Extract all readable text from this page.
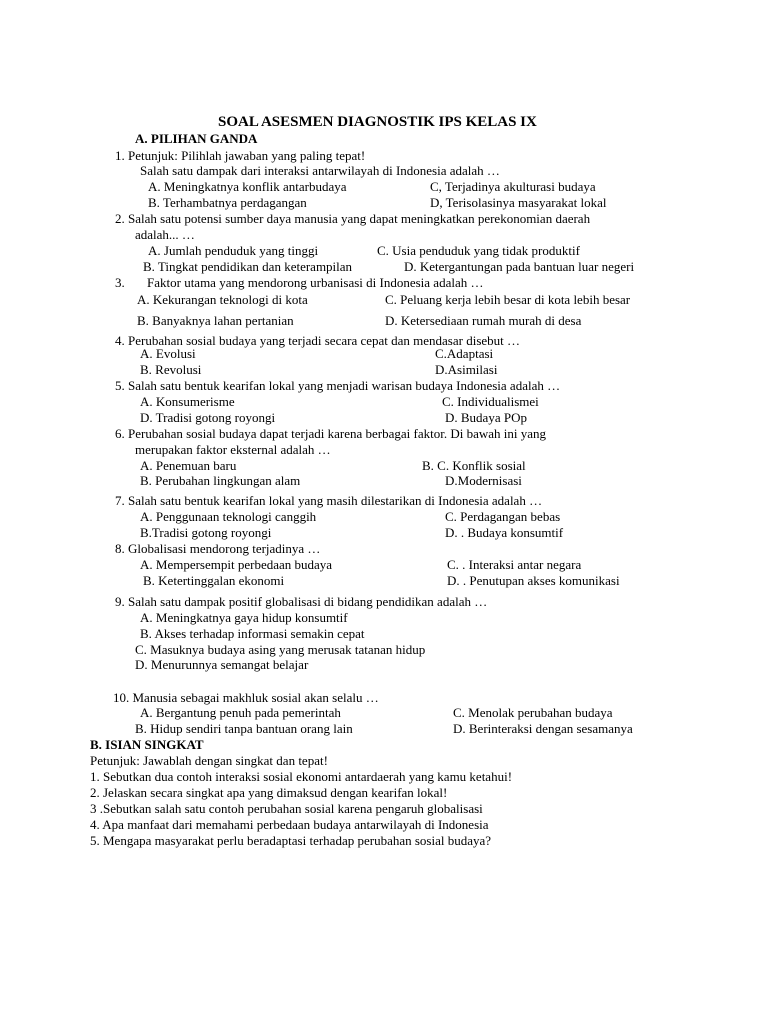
SOAL ASESMEN DIAGNOSTIK IPS KELAS IX
A. PILIHAN GANDA
1. Petunjuk: Pilihlah jawaban yang paling tepat!
Salah satu dampak dari interaksi antarwilayah di Indonesia adalah …
A. Meningkatnya konflik antarbudaya	C, Terjadinya akulturasi budaya
B. Terhambatnya perdagangan	D, Terisolasinya masyarakat lokal
2. Salah satu potensi sumber daya manusia yang dapat meningkatkan perekonomian daerah
adalah... …
A. Jumlah penduduk yang tinggi	C. Usia penduduk yang tidak produktif
B. Tingkat pendidikan dan keterampilan	D. Ketergantungan pada bantuan luar negeri
3. Faktor utama yang mendorong urbanisasi di Indonesia adalah …
A. Kekurangan teknologi di kota	C. Peluang kerja lebih besar di kota lebih besar
B. Banyaknya lahan pertanian	D. Ketersediaan rumah murah di desa
4. Perubahan sosial budaya yang terjadi secara cepat dan mendasar disebut …
A. Evolusi	C.Adaptasi
B. Revolusi	D.Asimilasi
5. Salah satu bentuk kearifan lokal yang menjadi warisan budaya Indonesia adalah …
A. Konsumerisme	C. Individualismei
D. Tradisi gotong royongi	D. Budaya POp
6. Perubahan sosial budaya dapat terjadi karena berbagai faktor. Di bawah ini yang
merupakan faktor eksternal adalah …
A. Penemuan baru	B. C. Konflik sosial
B. Perubahan lingkungan alam	D.Modernisasi
7. Salah satu bentuk kearifan lokal yang masih dilestarikan di Indonesia adalah …
A. Penggunaan teknologi canggih	C. Perdagangan bebas
B.Tradisi gotong royongi	D. . Budaya konsumtif
8. Globalisasi mendorong terjadinya …
A. Mempersempit perbedaan budaya	C. . Interaksi antar negara
B. Ketertinggalan ekonomi	D. . Penutupan akses komunikasi
9. Salah satu dampak positif globalisasi di bidang pendidikan adalah …
A. Meningkatnya gaya hidup konsumtif
B. Akses terhadap informasi semakin cepat
C. Masuknya budaya asing yang merusak tatanan hidup
D. Menurunnya semangat belajar
10. Manusia sebagai makhluk sosial akan selalu …
A. Bergantung penuh pada pemerintah	C. Menolak perubahan budaya
B. Hidup sendiri tanpa bantuan orang lain	D. Berinteraksi dengan sesamanya
B. ISIAN SINGKAT
Petunjuk: Jawablah dengan singkat dan tepat!
1. Sebutkan dua contoh interaksi sosial ekonomi antardaerah yang kamu ketahui!
2. Jelaskan secara singkat apa yang dimaksud dengan kearifan lokal!
3 .Sebutkan salah satu contoh perubahan sosial karena pengaruh globalisasi
4. Apa manfaat dari memahami perbedaan budaya antarwilayah di Indonesia
5. Mengapa masyarakat perlu beradaptasi terhadap perubahan sosial budaya?
